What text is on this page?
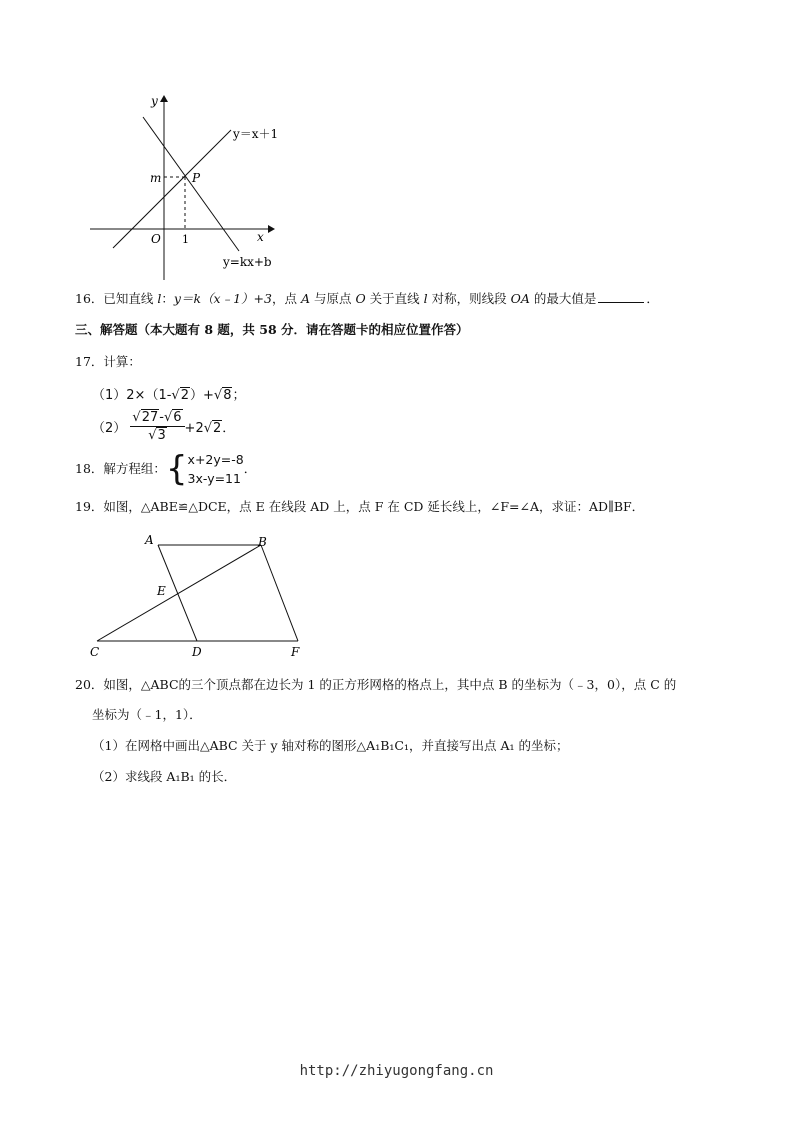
y
x
O
m	P
1
y＝x＋1
y=kx+b
16．已知直线 l：y＝k（x﹣1）+3，点 A 与原点 O 关于直线 l 对称，则线段 OA 的最大值是	．
三、解答题（本大题有 8 题，共 58 分．请在答题卡的相应位置作答）
17．计算：
（1）2×（1-√2）+√8；
$(2) \frac{√27-√6}{√3} +2√2$．
18．解方程组：{ x+2y=-8
3x-y=11
．
19．如图，△ABE≌△DCE，点 E 在线段 AD 上，点 F 在 CD 延长线上，∠F=∠A，求证：AD∥BF．
A	B
E
C	D	F
20．如图，△ABC的三个顶点都在边长为 1 的正方形网格的格点上，其中点 B 的坐标为（﹣3，0），点 C 的
坐标为（﹣1，1）．
（1）在网格中画出△ABC 关于 y 轴对称的图形△A₁B₁C₁，并直接写出点 A₁ 的坐标；
（2）求线段 A₁B₁ 的长．
http://zhiyugongfang.cn
